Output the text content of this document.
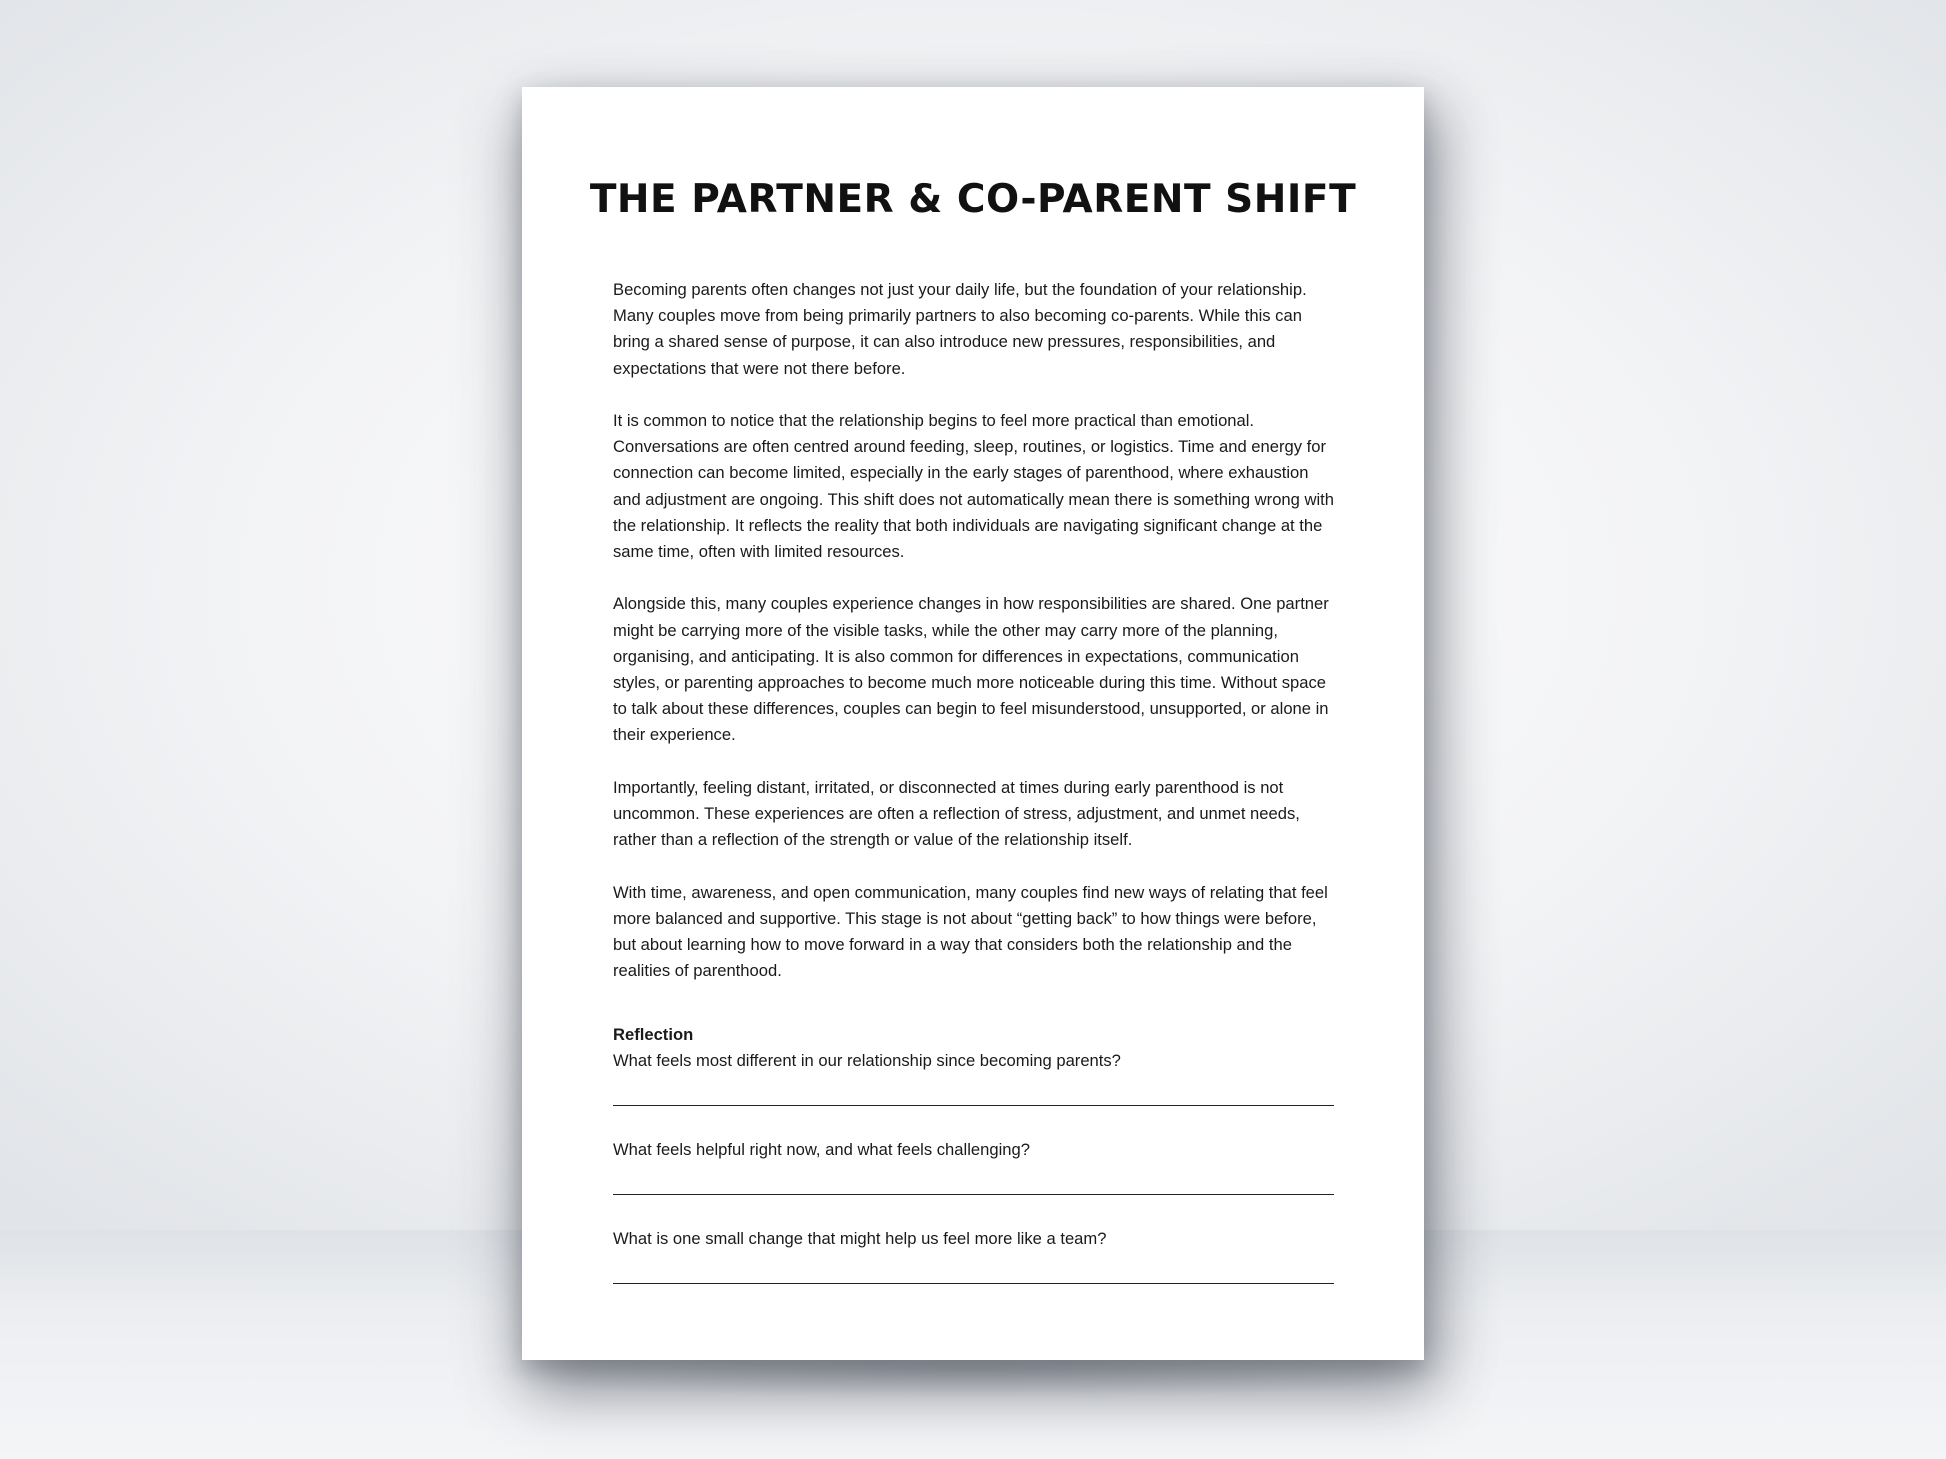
THE PARTNER & CO-PARENT SHIFT

Becoming parents often changes not just your daily life, but the foundation of your relationship. Many couples move from being primarily partners to also becoming co-parents. While this can bring a shared sense of purpose, it can also introduce new pressures, responsibilities, and expectations that were not there before.

It is common to notice that the relationship begins to feel more practical than emotional. Conversations are often centred around feeding, sleep, routines, or logistics. Time and energy for connection can become limited, especially in the early stages of parenthood, where exhaustion and adjustment are ongoing. This shift does not automatically mean there is something wrong with the relationship. It reflects the reality that both individuals are navigating significant change at the same time, often with limited resources.

Alongside this, many couples experience changes in how responsibilities are shared. One partner might be carrying more of the visible tasks, while the other may carry more of the planning, organising, and anticipating. It is also common for differences in expectations, communication styles, or parenting approaches to become much more noticeable during this time. Without space to talk about these differences, couples can begin to feel misunderstood, unsupported, or alone in their experience.

Importantly, feeling distant, irritated, or disconnected at times during early parenthood is not uncommon. These experiences are often a reflection of stress, adjustment, and unmet needs, rather than a reflection of the strength or value of the relationship itself.

With time, awareness, and open communication, many couples find new ways of relating that feel more balanced and supportive. This stage is not about “getting back” to how things were before, but about learning how to move forward in a way that considers both the relationship and the realities of parenthood.

Reflection

What feels most different in our relationship since becoming parents?

What feels helpful right now, and what feels challenging?

What is one small change that might help us feel more like a team?
